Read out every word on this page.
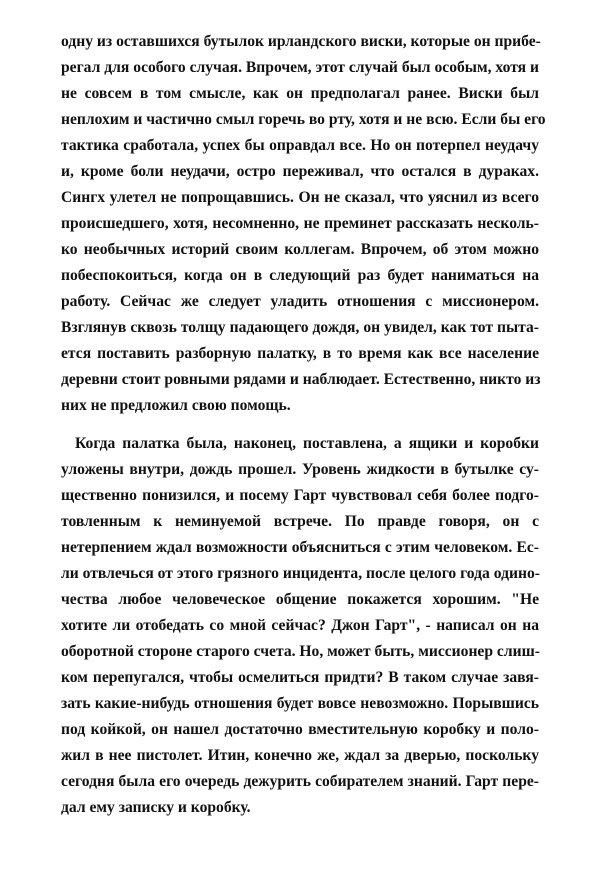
одну из оставшихся бутылок ирландского виски, которые он прибе-
регал для особого случая. Впрочем, этот случай был особым, хотя и
не совсем в том смысле, как он предполагал ранее. Виски был
неплохим и частично смыл горечь во рту, хотя и не всю. Если бы его
тактика сработала, успех бы оправдал все. Но он потерпел неудачу
и, кроме боли неудачи, остро переживал, что остался в дураках.
Сингх улетел не попрощавшись. Он не сказал, что уяснил из всего
происшедшего, хотя, несомненно, не преминет рассказать несколь-
ко необычных историй своим коллегам. Впрочем, об этом можно
побеспокоиться, когда он в следующий раз будет наниматься на
работу. Сейчас же следует уладить отношения с миссионером.
Взглянув сквозь толщу падающего дождя, он увидел, как тот пыта-
ется поставить разборную палатку, в то время как все население
деревни стоит ровными рядами и наблюдает. Естественно, никто из
них не предложил свою помощь.
Когда палатка была, наконец, поставлена, а ящики и коробки
уложены внутри, дождь прошел. Уровень жидкости в бутылке су-
щественно понизился, и посему Гарт чувствовал себя более подго-
товленным к неминуемой встрече. По правде говоря, он с
нетерпением ждал возможности объясниться с этим человеком. Ес-
ли отвлечься от этого грязного инцидента, после целого года одино-
чества любое человеческое общение покажется хорошим. "Не
хотите ли отобедать со мной сейчас? Джон Гарт", - написал он на
оборотной стороне старого счета. Но, может быть, миссионер слиш-
ком перепугался, чтобы осмелиться придти? В таком случае завя-
зать какие-нибудь отношения будет вовсе невозможно. Порывшись
под койкой, он нашел достаточно вместительную коробку и поло-
жил в нее пистолет. Итин, конечно же, ждал за дверью, поскольку
сегодня была его очередь дежурить собирателем знаний. Гарт пере-
дал ему записку и коробку.
